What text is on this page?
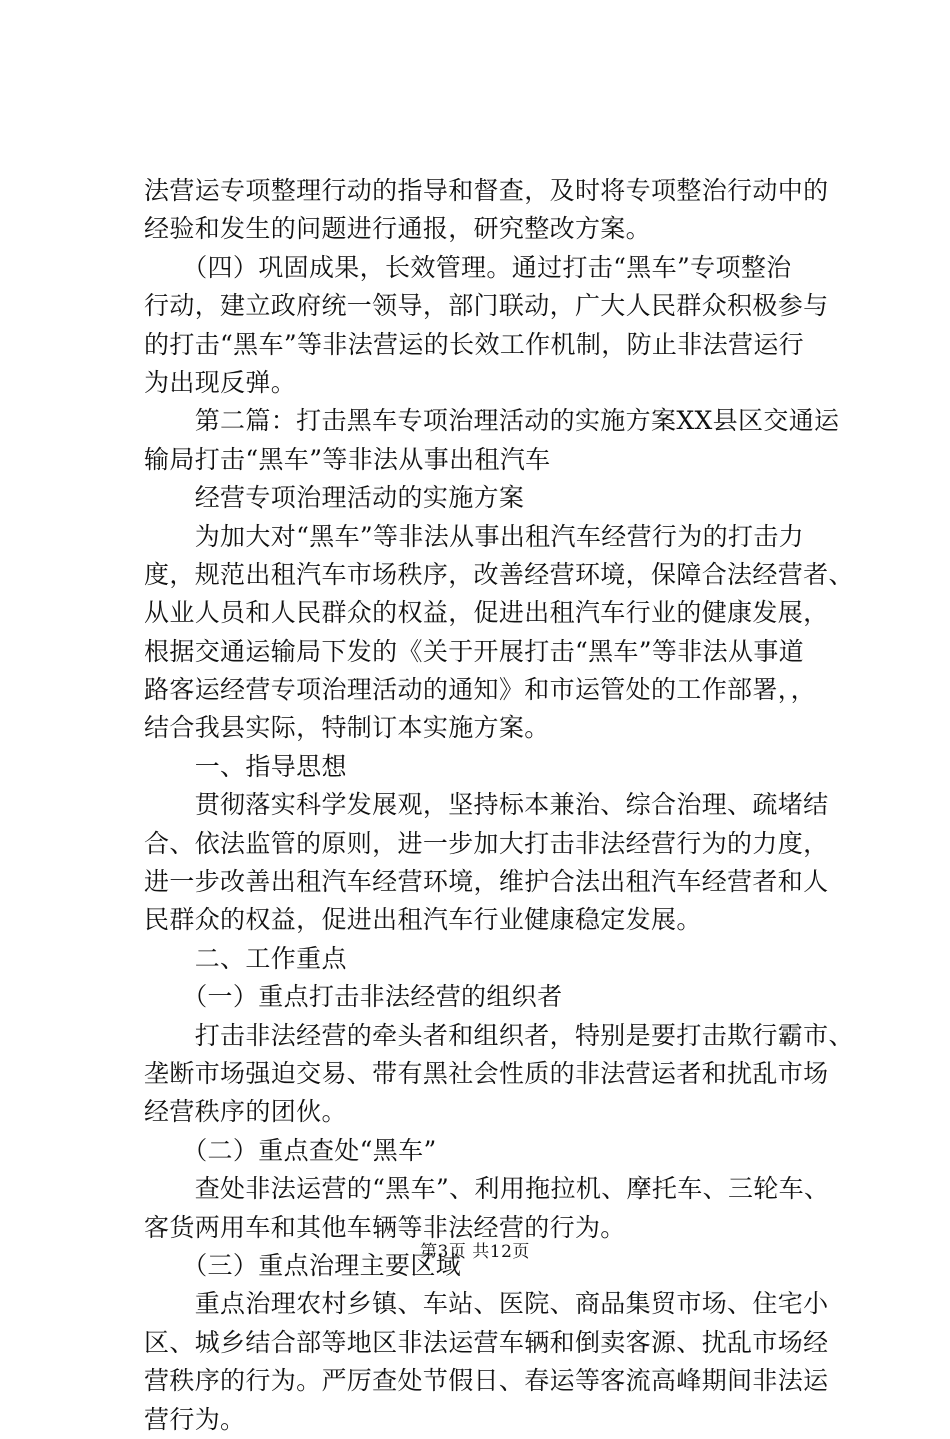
法营运专项整理行动的指导和督查，及时将专项整治行动中的
经验和发生的问题进行通报，研究整改方案。
　　（四）巩固成果，长效管理。通过打击“黑车”专项整治
行动，建立政府统一领导，部门联动，广大人民群众积极参与
的打击“黑车”等非法营运的长效工作机制，防止非法营运行
为出现反弹。
　　第二篇：打击黑车专项治理活动的实施方案XX县区交通运
输局打击“黑车”等非法从事出租汽车
　　经营专项治理活动的实施方案
　　为加大对“黑车”等非法从事出租汽车经营行为的打击力
度，规范出租汽车市场秩序，改善经营环境，保障合法经营者、
从业人员和人民群众的权益，促进出租汽车行业的健康发展，
根据交通运输局下发的《关于开展打击“黑车”等非法从事道
路客运经营专项治理活动的通知》和市运管处的工作部署，，
结合我县实际，特制订本实施方案。
　　一、指导思想
　　贯彻落实科学发展观，坚持标本兼治、综合治理、疏堵结
合、依法监管的原则，进一步加大打击非法经营行为的力度，
进一步改善出租汽车经营环境，维护合法出租汽车经营者和人
民群众的权益，促进出租汽车行业健康稳定发展。
　　二、工作重点
　　（一）重点打击非法经营的组织者
　　打击非法经营的牵头者和组织者，特别是要打击欺行霸市、
垄断市场强迫交易、带有黑社会性质的非法营运者和扰乱市场
经营秩序的团伙。
　　（二）重点查处“黑车”
　　查处非法运营的“黑车”、利用拖拉机、摩托车、三轮车、
客货两用车和其他车辆等非法经营的行为。
　　（三）重点治理主要区域
　　重点治理农村乡镇、车站、医院、商品集贸市场、住宅小
区、城乡结合部等地区非法运营车辆和倒卖客源、扰乱市场经
营秩序的行为。严厉查处节假日、春运等客流高峰期间非法运
营行为。
第3页 共12页
